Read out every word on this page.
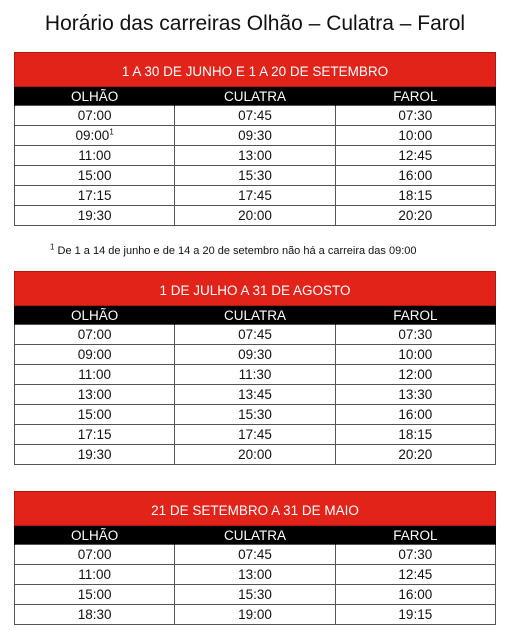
Horário das carreiras Olhão – Culatra – Farol
1 A 30 DE JUNHO E 1 A 20 DE SETEMBRO
OLHÃO	CULATRA	FAROL
07:00	07:45	07:30
$09:00^1$	09:30	10:00
11:00	13:00	12:45
15:00	15:30	16:00
17:15	17:45	18:15
19:30	20:00	20:20
$^1$ De 1 a 14 de junho e de 14 a 20 de setembro não há a carreira das 09:00
1 DE JULHO A 31 DE AGOSTO
OLHÃO	CULATRA	FAROL
07:00	07:45	07:30
09:00	09:30	10:00
11:00	11:30	12:00
13:00	13:45	13:30
15:00	15:30	16:00
17:15	17:45	18:15
19:30	20:00	20:20
21 DE SETEMBRO A 31 DE MAIO
OLHÃO	CULATRA	FAROL
07:00	07:45	07:30
11:00	13:00	12:45
15:00	15:30	16:00
18:30	19:00	19:15
